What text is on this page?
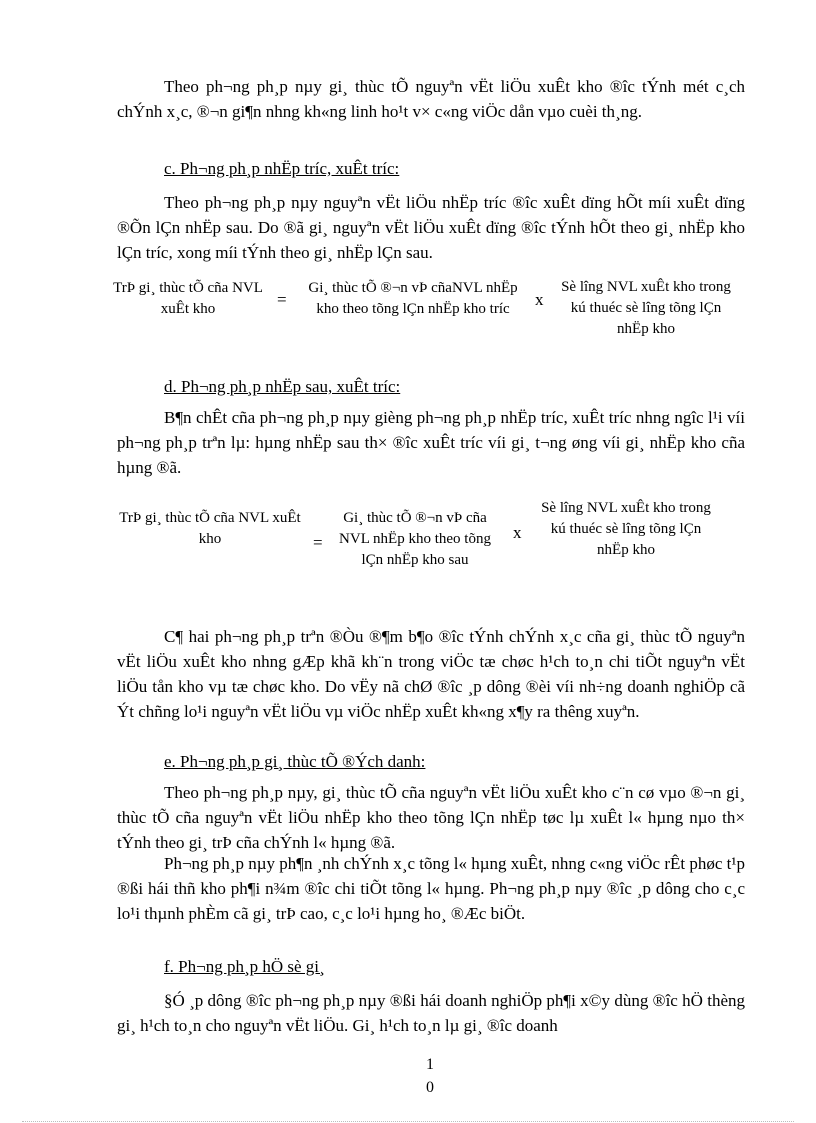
Theo ph¬ng ph¸p nµy gi¸ thùc tÕ nguyªn vËt liÖu xuÊt kho ®îc tÝnh mét c¸ch chÝnh x¸c, ®¬n gi¶n nhng kh«ng linh ho¹t v× c«ng viÖc dån vµo cuèi th¸ng.

c. Ph¬ng ph¸p nhËp tríc, xuÊt tríc:

Theo ph¬ng ph¸p nµy nguyªn vËt liÖu nhËp tríc ®îc xuÊt dïng hÕt míi xuÊt dïng ®Õn lÇn nhËp sau. Do ®ã gi¸ nguyªn vËt liÖu xuÊt dïng ®îc tÝnh hÕt theo gi¸ nhËp kho lÇn tríc, xong míi tÝnh theo gi¸ nhËp lÇn sau.

TrÞ gi¸ thùc tÕ cña NVL xuÊt kho	=

Gi¸ thùc tÕ ®¬n vÞ cñaNVL nhËp kho theo tõng lÇn nhËp kho tríc	x

Sè lîng NVL xuÊt kho trong kú thuéc sè lîng tõng lÇn nhËp kho

d. Ph¬ng ph¸p nhËp sau, xuÊt tríc:

B¶n chÊt cña ph¬ng ph¸p nµy gièng ph¬ng ph¸p nhËp tríc, xuÊt tríc nhng ngîc l¹i víi ph¬ng ph¸p trªn lµ: hµng nhËp sau th× ®îc xuÊt tríc víi gi¸ t¬ng øng víi gi¸ nhËp kho cña hµng ®ã.

TrÞ gi¸ thùc tÕ cña NVL xuÊt kho	=

Gi¸ thùc tÕ ®¬n vÞ cña NVL nhËp kho theo tõng lÇn nhËp kho sau

x

Sè lîng NVL xuÊt kho trong kú thuéc sè lîng tõng lÇn nhËp kho

C¶ hai ph¬ng ph¸p trªn ®Òu ®¶m b¶o ®îc tÝnh chÝnh x¸c cña gi¸ thùc tÕ nguyªn vËt liÖu xuÊt kho nhng gÆp khã kh¨n trong viÖc tæ chøc h¹ch to¸n chi tiÕt nguyªn vËt liÖu tån kho vµ tæ chøc kho. Do vËy nã chØ ®îc ¸p dông ®èi víi nh÷ng doanh nghiÖp cã Ýt chñng lo¹i nguyªn vËt liÖu vµ viÖc nhËp xuÊt kh«ng x¶y ra thêng xuyªn.

e. Ph¬ng ph¸p gi¸ thùc tÕ ®Ých danh:

Theo ph¬ng ph¸p nµy, gi¸ thùc tÕ cña nguyªn vËt liÖu xuÊt kho c¨n cø vµo ®¬n gi¸ thùc tÕ cña nguyªn vËt liÖu nhËp kho theo tõng lÇn nhËp tøc lµ xuÊt l« hµng nµo th× tÝnh theo gi¸ trÞ cña chÝnh l« hµng ®ã.

Ph¬ng ph¸p nµy ph¶n ¸nh chÝnh x¸c tõng l« hµng xuÊt, nhng c«ng viÖc rÊt phøc t¹p ®ßi hái thñ kho ph¶i n¾m ®îc chi tiÕt tõng l« hµng. Ph¬ng ph¸p nµy ®îc ¸p dông cho c¸c lo¹i thµnh phÈm cã gi¸ trÞ cao, c¸c lo¹i hµng ho¸ ®Æc biÖt.

f. Ph¬ng ph¸p hÖ sè gi¸

§Ó ¸p dông ®îc ph¬ng ph¸p nµy ®ßi hái doanh nghiÖp ph¶i x©y dùng ®îc hÖ thèng gi¸ h¹ch to¸n cho nguyªn vËt liÖu. Gi¸ h¹ch to¸n lµ gi¸ ®îc doanh

1

0
